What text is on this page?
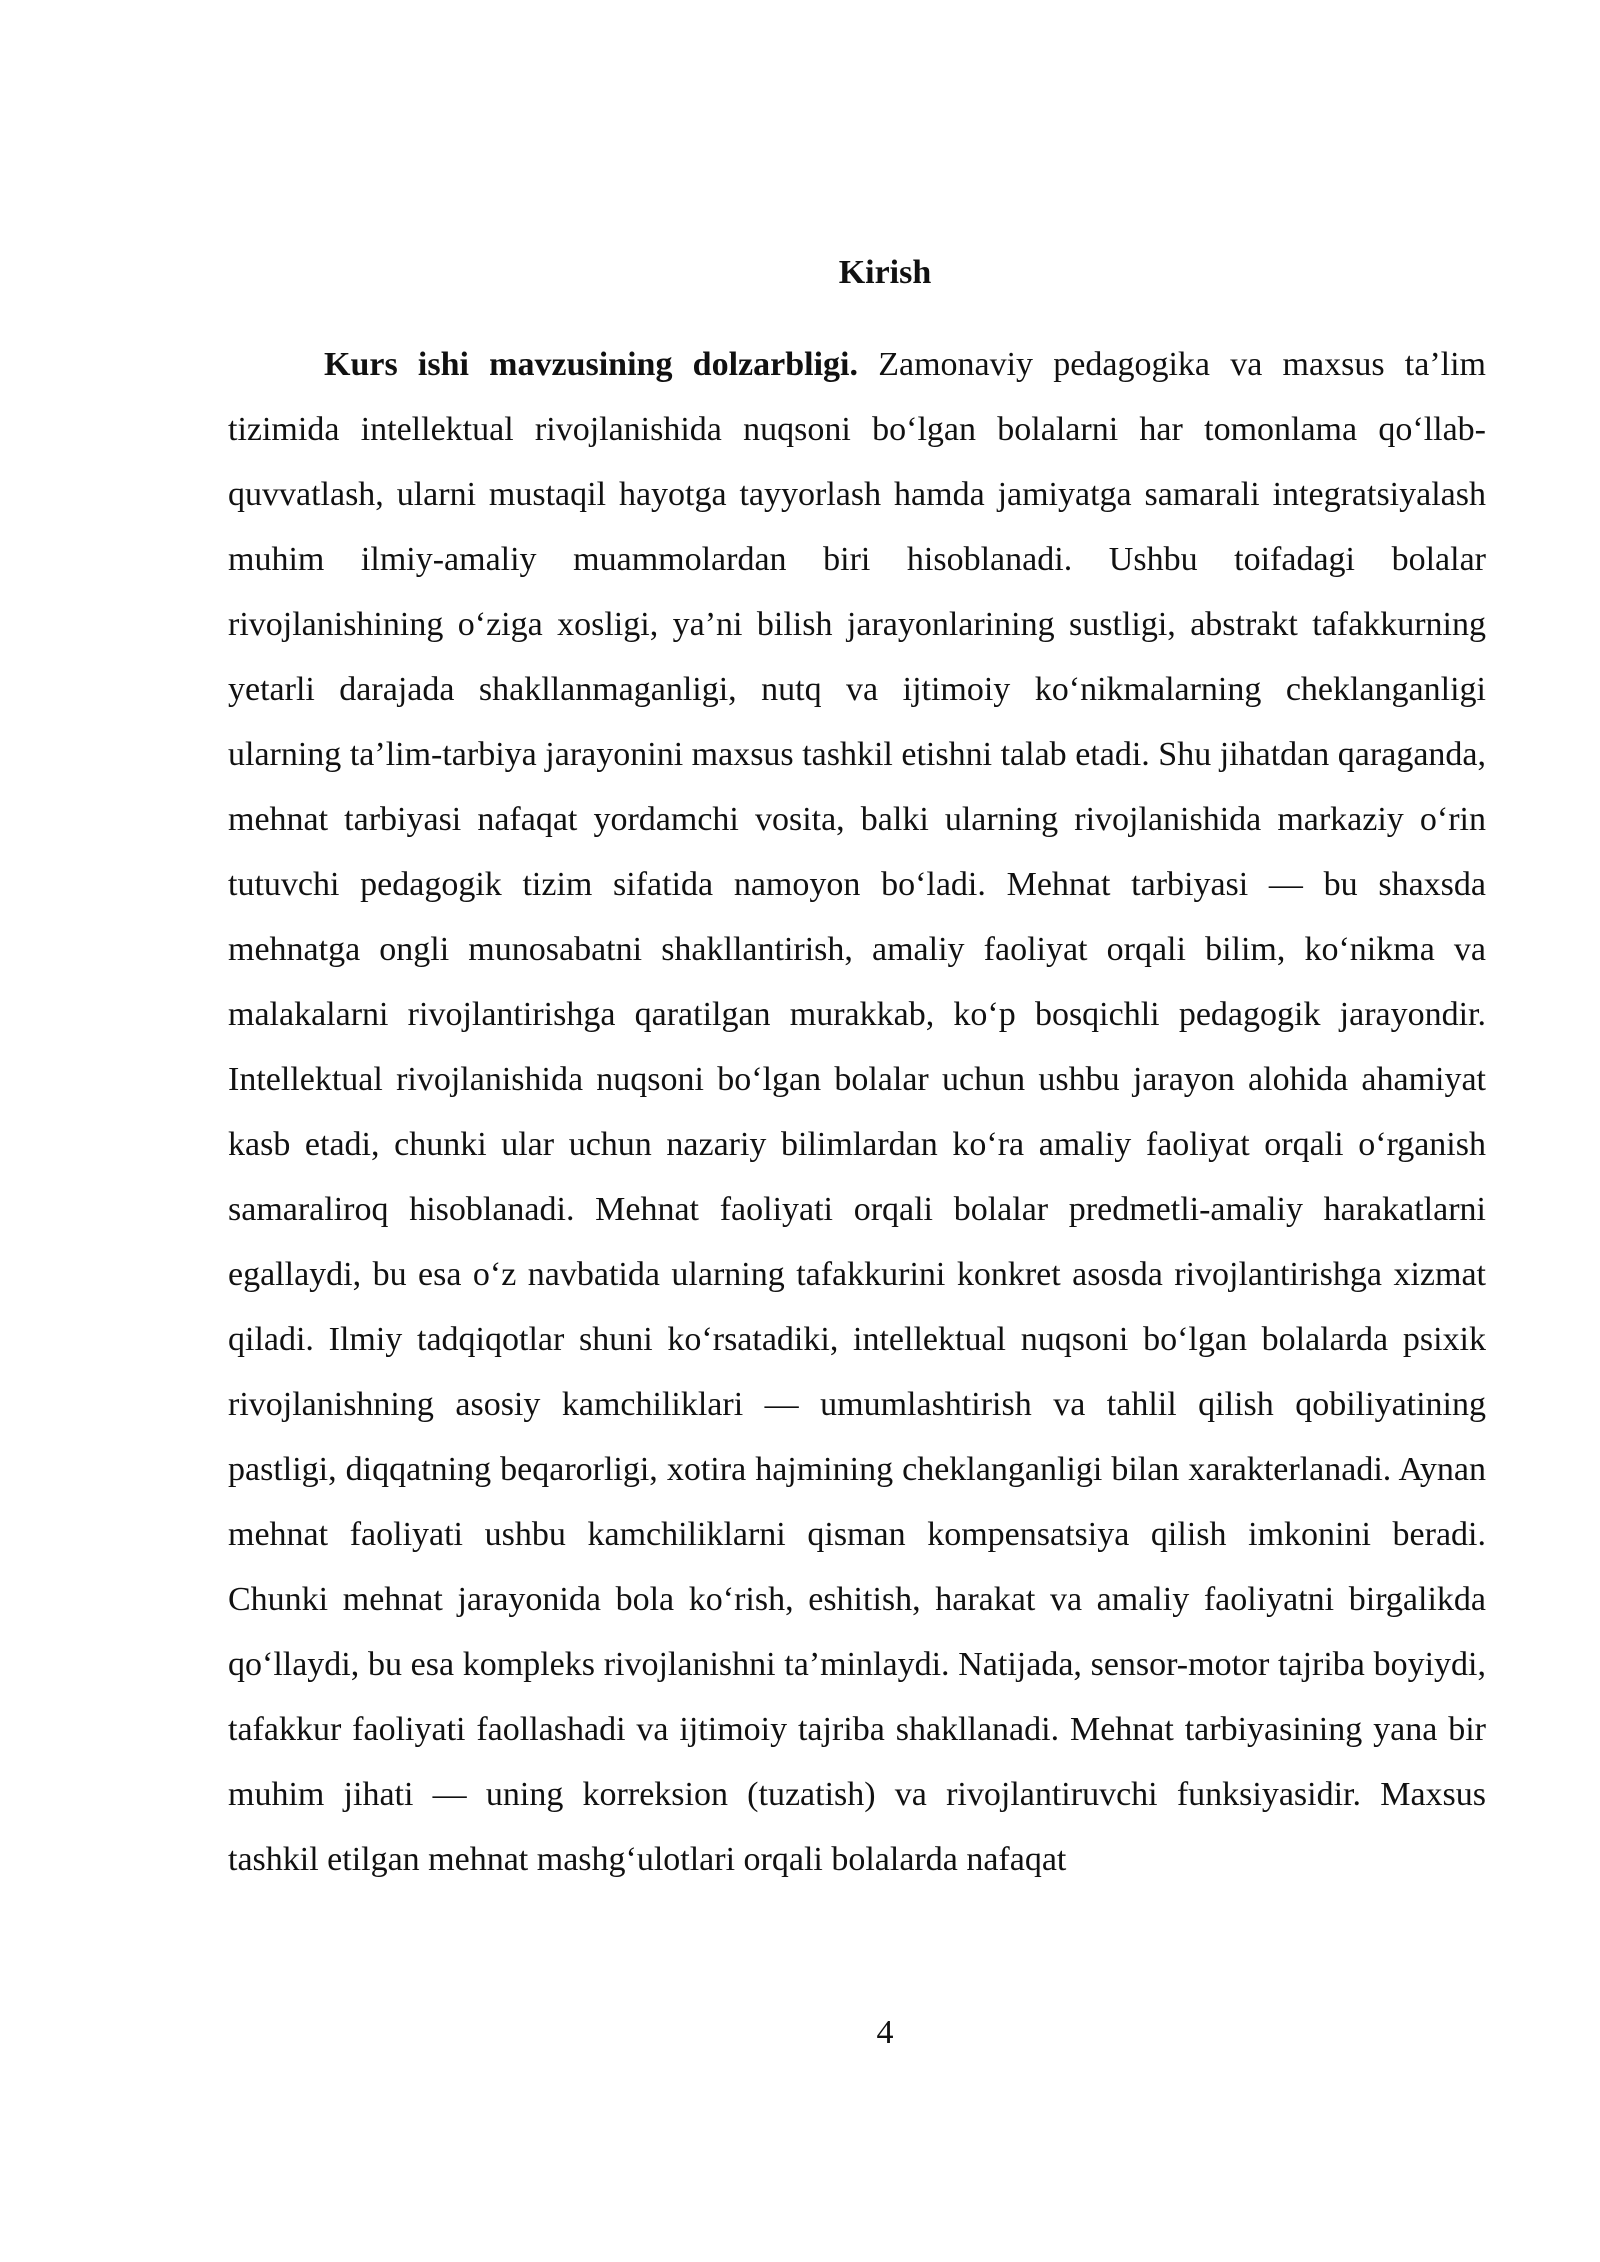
Kirish

Kurs ishi mavzusining dolzarbligi. Zamonaviy pedagogika va maxsus ta’lim tizimida intellektual rivojlanishida nuqsoni bo‘lgan bolalarni har tomonlama qo‘llab-quvvatlash, ularni mustaqil hayotga tayyorlash hamda jamiyatga samarali integratsiyalash muhim ilmiy-amaliy muammolardan biri hisoblanadi. Ushbu toifadagi bolalar rivojlanishining o‘ziga xosligi, ya’ni bilish jarayonlarining sustligi, abstrakt tafakkurning yetarli darajada shakllanmaganligi, nutq va ijtimoiy ko‘nikmalarning cheklanganligi ularning ta’lim-tarbiya jarayonini maxsus tashkil etishni talab etadi. Shu jihatdan qaraganda, mehnat tarbiyasi nafaqat yordamchi vosita, balki ularning rivojlanishida markaziy o‘rin tutuvchi pedagogik tizim sifatida namoyon bo‘ladi. Mehnat tarbiyasi — bu shaxsda mehnatga ongli munosabatni shakllantirish, amaliy faoliyat orqali bilim, ko‘nikma va malakalarni rivojlantirishga qaratilgan murakkab, ko‘p bosqichli pedagogik jarayondir. Intellektual rivojlanishida nuqsoni bo‘lgan bolalar uchun ushbu jarayon alohida ahamiyat kasb etadi, chunki ular uchun nazariy bilimlardan ko‘ra amaliy faoliyat orqali o‘rganish samaraliroq hisoblanadi. Mehnat faoliyati orqali bolalar predmetli-amaliy harakatlarni egallaydi, bu esa o‘z navbatida ularning tafakkurini konkret asosda rivojlantirishga xizmat qiladi. Ilmiy tadqiqotlar shuni ko‘rsatadiki, intellektual nuqsoni bo‘lgan bolalarda psixik rivojlanishning asosiy kamchiliklari — umumlashtirish va tahlil qilish qobiliyatining pastligi, diqqatning beqarorligi, xotira hajmining cheklanganligi bilan xarakterlanadi. Aynan mehnat faoliyati ushbu kamchiliklarni qisman kompensatsiya qilish imkonini beradi. Chunki mehnat jarayonida bola ko‘rish, eshitish, harakat va amaliy faoliyatni birgalikda qo‘llaydi, bu esa kompleks rivojlanishni ta’minlaydi. Natijada, sensor-motor tajriba boyiydi, tafakkur faoliyati faollashadi va ijtimoiy tajriba shakllanadi. Mehnat tarbiyasining yana bir muhim jihati — uning korreksion (tuzatish) va rivojlantiruvchi funksiyasidir. Maxsus tashkil etilgan mehnat mashg‘ulotlari orqali bolalarda nafaqat

4
